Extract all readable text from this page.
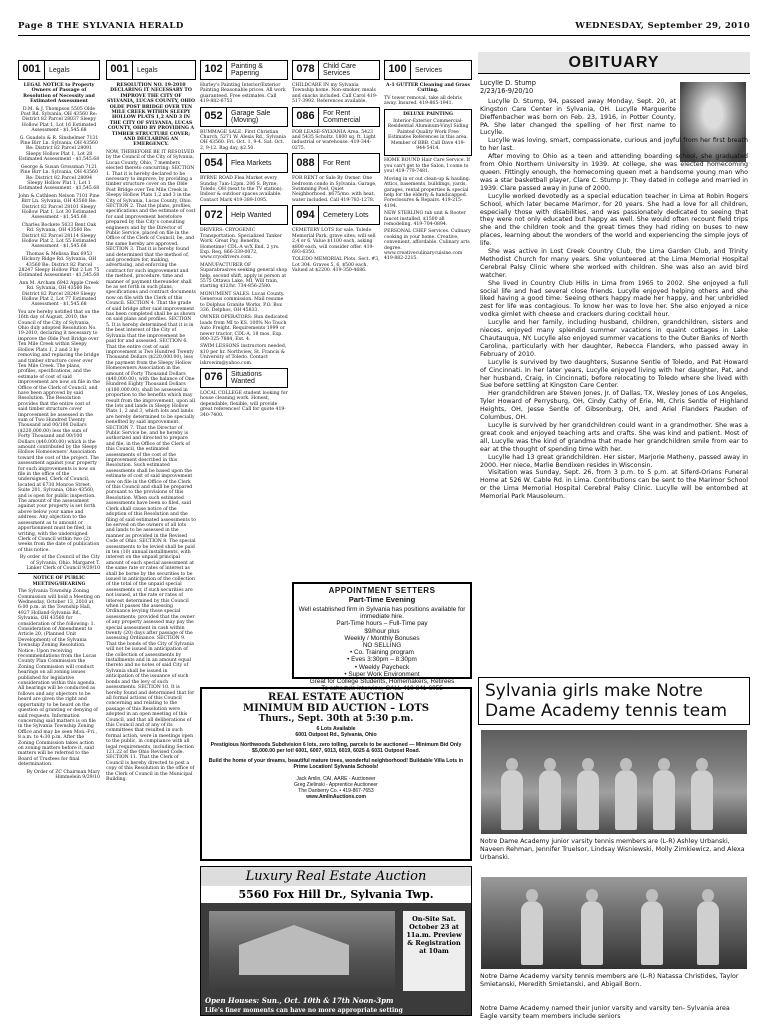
Page 8 THE SYLVANIA HERALD	WEDNESDAY, September 29, 2010
001	Legals

LEGAL NOTICE to Property Owners of Passage of Resolution of Necessity and Estimated Assessment

D.M. & J. Thompson 5505 Olde Post Rd. Sylvania, OH 43560 Re: District 82 Parcel 28037 Sleepy Hollow Plat 1, Lot 16 Estimated Assessment - $1,545.68

G. Guadelo & R. Sinshelmer 7131 Pine Birr Ln. Sylvania, OH 43560 Re: District 82 Parcel 28091 Sleepy Hollow Plat 1, Lot 28 Estimated Assessment - $1,545.68

George & Susan Grossman 7121 Pine Birr Ln. Sylvania, OH 43560 Re: District 82 Parcel 28094 Sleepy Hollow Plat 1, Lot 1 Estimated Assessment - $1,545.68

John & Cathleen Nelson 7101 Pine Birr Ln. Sylvania, OH 43560 Re: District 82 Parcel 28101 Sleepy Hollow Plat 1, Lot 30 Estimated Assessment - $1,545.68

Charles Bockete 5633 Bent Oak Rd. Sylvania, OH 43560 Re: District 82 Parcel 28114 Sleepy Hollow Plat 2, Lot 55 Estimated Assessment - $1,545.68

Thomas & Melissa Bax 6953 Hickory Ridge Rd. Sylvania, OH 43560 Re: District 82 Parcel 28247 Sleepy Hollow Plat 2 Lot 75 Estimated Assessment - $1,545.68

Ann M. Archam 6942 Apple Creek Rd. Sylvania, OH 43560 Re: District 82 Parcel 28249 Sleepy Hollow Plat 2, Lot 77 Estimated Assessment - $1,545.68

You are hereby notified that on the 16th day of August, 2010, the Council of the City of Sylvania, Ohio duly adopted Resolution No. 19-2010, declaring it necessary to improve the Olde Post Bridge over Ten Mile Creek within Sleepy Hollow Plats 1, 2 and 3 by removing and replacing the bridge and timber structure cover over Ten Mile Creek. The plans, profiles, specifications, and the estimate of cost of said improvement are now on file in the Office of the Clerk of Council, and have been approved by said Resolution. The Resolution provides that the entire cost of said timber structure cover improvement be assessed in the sum of Two Hundred Twenty Thousand and 00/100 Dollars ($220,000.00) less the sum of Forty Thousand and 00/100 Dollars ($40,000.00) which is the amount contributed by the Sleepy Hollow Homeowners' Association toward the cost of the project. The assessment against your property for such improvements is now on file in the office of the undersigned, Clerk of Council, located at 6730 Monroe Street, Suite 201, Sylvania, Ohio 43560, and is open for public inspection. The amount of the assessment against your property is set forth above below your name and address. Any objection to the assessment as to amount or apportionment must be filed, in writing, with the undersigned Clerk of Council within two (2) weeks from the date of publication of this notice.

By order of the Council of the City of Sylvania, Ohio. Margaret T. Linker Clerk of Council 9/29/10

NOTICE OF PUBLIC MEETING/HEARING

The Sylvania Township Zoning Commission will hold a Meeting on Wednesday, October 13, 2010 at 6:00 p.m. at the Township Hall, 4927 Holland-Sylvania Rd., Sylvania, OH 43560 for consideration of the following: 1. Consideration of Amendment to Article 20, (Planned Unit Development) of the Sylvania Township Zoning Resolution. Notice: Upon receiving recommendations from the Lucas County Plan Commission the Zoning Commission will conduct hearings on all zoning issues published for legislative consideration within this agenda. All hearings will be conducted as follows and any objectors to be heard are given the right and opportunity to be heard on the question of granting or denying of said requests. Information concerning said matters is on file in the Sylvania Township Zoning Office and may be seen Mon.-Fri., 8 a.m. to 4:30 p.m. After the Zoning Commission takes action on zoning matters before it, said matters will be referred to the Board of Trustees for final determination.

By Order of ZC Chairman Mary Himmelein 9/29/10

001	Legals

RESOLUTION NO. 19-2010 DECLARING IT NECESSARY TO IMPROVE THE CITY OF SYLVANIA, LUCAS COUNTY, OHIO OLDE POST BRIDGE OVER TEN MILE CREEK WITHIN SLEEPY HOLLOW PLATS 1,2 AND 3 IN THE CITY OF SYLVANIA, LUCAS COUNTY, OHIO BY PROVIDING A TIMBER STRUCTURE COVER; AND DECLARING AN EMERGENCY.

NOW, THEREFORE BE IT RESOLVED by the Council of the City of Sylvania, Lucas County, Ohio, 7 members elected thereto concurring: SECTION 1. That it is hereby declared to be necessary to improve, by providing a timber structure cover on the Olde Post Bridge over Ten Mile Creek in Sleepy Hollow Plats 1,2 and 3 in the City of Sylvania, Lucas County, Ohio. SECTION 2. That the plans, profiles, specifications and the estimate of cost for said improvement heretofore prepared by this City's consulting engineers and by the Director of Public Service, placed on file in the Office of the Clerk of Council, be, and the same hereby are approved. SECTION 3. That it is hereby found and determined that the method of, and procedure for, making, advertising, and enforcing the contract for such improvement and the method, procedure, time and manner of payment thereunder shall be as set forth in such plans, specifications and contract documents now on file with the Clerk of this Council. SECTION 4. That the grade of said bridge after said improvement has been completed shall be as shown on said plans and profiles. SECTION 5. It is hereby determined that it is in the best interest of the City of Sylvania that the improvement be paid for and assessed. SECTION 6. That the entire cost of said improvement is Two Hundred Twenty Thousand Dollars ($220,000.00), less the payment from the Sleepy Hollow Homeowners Association in the amount of Forty Thousand Dollars ($40,000.00), with the balance of One Hundred Eighty Thousand Dollars ($180,000.00), shall be assessed in proportion to the benefits which may result from the improvement, upon all the lots and lands in Sleepy Hollow Plats 1, 2 and 3, which lots and lands are hereby determined to be specially benefited by said improvement. SECTION 7. That the Director of Public Service be, and he hereby is authorized and directed to prepare and file, in the Office of the Clerk of this Council, the estimated assessments of the cost of the improvement described in this Resolution. Such estimated assessments shall be based upon the estimate of cost of said improvement now on file in the Office of the Clerk of this Council and shall be prepared pursuant to the provisions of this Resolution. When such estimated assessments have been so filed, said Clerk shall cause notice of the adoption of this Resolution and the filing of said estimated assessments to be served on the owners of all lots and lands to be assessed in the manner as provided in the Revised Code of Ohio. SECTION 8. The special assessments to be levied shall be paid in ten (10) annual installments, with interest on the unpaid principal amount of each special assessment at the same rate or rates of interest as shall be borne by the securities to be issued in anticipation of the collection of the total of the unpaid special assessments or, if such securities are not issued, at the rate or rates of interest determined by this Council when it passes the assessing Ordinance levying those special assessments; provided that the owner of any property assessed may pay the special assessment in cash within twenty (20) days after passage of the assessing Ordinance. SECTION 9. That the bonds of the City of Sylvania will not be issued in anticipation of the collection of assessments by installments and in an amount equal thereto and no notes of said City of Sylvania shall be issued in anticipation of the issuance of such bonds and the levy of such assessments. SECTION 10. It is hereby found and determined that for all formal actions of this Council concerning and relating to the passage of this Resolution were adopted in an open meeting of this Council, and that all deliberations of this Council and of any of its committees that resulted in such formal action, were in meetings open to the public, in compliance with all legal requirements, including Section 121.22 of the Ohio Revised Code. SECTION 11. That the Clerk of Council is hereby directed to post a copy of this Resolution in the office of the Clerk of Council in the Municipal Building.

102	Painting & Papering

Hurley's Painting Interior/Exterior Painting Reasonable prices. All work guaranteed. Free estimates. Call 419-882-6753

052	Garage Sale (Moving)

RUMMAGE SALE. First Christian Church, 5271 W. Alexis Rd., Sylvania OH 43560. Fri. Oct. 1, 9-4. Sat. Oct. 2, 9-12. Bag day, $2.50.

054	Flea Markets

BYRNE ROAD Flea Market every Sunday 7am-12pm. 206 S. Byrne, Toledo, OH (next to the TV station). Indoor & outdoor spaces available. Contact Mark 419-389-1095.

072	Help Wanted

DRIVERS: CRYOGENIC Transportation. Specialized Tanker Work. Great Pay, Benefits, Hometime! CDL-A w/X End. 2 yrs. Exp. Req. 866-339-0072, www.cryodrivers.com.

MANUFACTURER OF Suparabrasives seeking general shop help, second shift, apply in person at 5575 Ottawa Lake, MI. Will train, starting $12/hr. 734-856-2580.

MONUMENT SALES. Lucas County. Generous commission. Mail resume to Dolphus Granite Works, P.O. Box 336, Delphos, OH 45833.

OWNER OPERATORS: Run dedicated loads from MI to KS. 100% No Touch Auto Freight. Requirements 1999 or newer tractor, CDL-A, 18 mos. Exp. 800-325-7884, Ext. 4.

SWIM LESSONS instructors needed, $10 per hr. Northview, St. Francis & University of Toledo. Contact lskrowim@yahoo.com.

076	Situations Wanted

LOCAL COLLEGE student looking for house cleaning work. Honest, dependable, flexible, will provide great references! Call for quote 419-340-7400.

078	Child Care Services

CHILDCARE IN my Sylvania Township home. Non-smoker, meals and snacks included. Call Carol 419-517-3992. References available.

086	For Rent Commercial

FOR LEASE-SYLVANIA Area. 5423 and 5435 Schultz. 1800 sq. ft. Light industrial or warehouse. 419-344-0275.

088	For Rent

FOR RENT or Sale By Owner. One bedroom condo in Sylvania. Garage, Swimming Pool, Quiet Neighborhood. $675/mo. with heat, water included. Call 419-783-1278.

094	Cemetery Lots

CEMETERY LOTS for sale. Toledo Memorial Park, grave sites, will sell 2,4 or 6. Value $1100 each, asking $800 each, will consider offer. 419-693-6350.

TOLEDO MEMORIAL Plots. Sect. #3, Lot 304. Graves 5, 6, $500 each. Valued at $2200. 419-350-4686.

100	Services

A-1 GUTTER Cleaning and Grass Cutting.

TV tower removal, take all debris away. Insured. 419-865-1941.

DELUXE PAINTING

Interior-Exterior Commercial-Residential Aluminum-Vinyl Siding Painted Quality Work Free Estimates References in this area. Member of BBB. Call Dave 419-944-5414.

HOME BOUND Hair Care Service. If you can't get to the Salon, I come to you! 419-779-7481.

Moving in or out clean-up & hauling. Attics, basements, buildings, yards, garages, rental properties & special help for the elderly & handicapped. Foreclosures & Repairs. 419-215-4194.

NEW STERLING tub unit & Rooter faucet installed, $1500 all remodeling. 419-704-0894.

PERSONAL CHEF Services. Culinary cooking in your home. Creative, convenient, affordable. Culinary arts degree. www.creativeculinarycuisine.com 419-882-2215.

APPOINTMENT SETTERS
Part-Time Evening
Well established firm in Sylvania has positions available for immediate hire.
Part-Time hours – Full-Time pay
$9/hour plus
Weekly / Monthly Bonuses
NO SELLING
• Co. Training program
• Eves 3:30pm – 8:30pm
• Weekly Paycheck
• Super Work Environment
Great for College Students, Homemakers, Retirees
To schedule interview, CALL 419-841-6055
REAL ESTATE AUCTION
MINIMUM BID AUCTION – LOTS
Thurs., Sept. 30th at 5:30 p.m.
6 Lots Available
6001 Outpost Rd., Sylvania, Ohio
Prestigious Northwoods Subdivision 6 lots, zero tolling, parcels to be auctioned — Minimum Bid Only $5,000.00 per lot! 6001, 6007, 6013, 6019, 6025 & 6031 Outpost Road.
Build the home of your dreams, beautiful mature trees, wonderful neighborhood! Buildable Villa Lots in Prime Location! Sylvania Schools!
Jack Amlin, CAI, AARE - Auctioneer
Greg Zielinski - Apprentice Auctioneer
The Danberry Co. • 419-867-7653
www.AmlinAuctions.com
Luxury Real Estate Auction
5560 Fox Hill Dr., Sylvania Twp.
On-Site Sat. October 23 at 11a.m. Preview & Registration at 10am
Open Houses: Sun., Oct. 10th & 17th Noon-3pm
Life's finer moments can have no more appropriate setting
OBITUARY
Lucylle D. Stump
2/23/16-9/20/10

Lucylle D. Stump, 94, passed away Monday, Sept. 20, at Kingston Care Center in Sylvania, OH. Lucylle Marguerite Dieffenbacher was born on Feb. 23, 1916, in Potter County, PA. She later changed the spelling of her first name to Lucylle.

Lucylle was loving, smart, compassionate, curious and joyful from her first breath to her last.

After moving to Ohio as a teen and attending boarding school, she graduated from Ohio Northern University in 1939. At college, she was elected homecoming queen. Fittingly enough, the homecoming queen met a handsome young man who was a star basketball player, Clare C. Stump Jr. They dated in college and married in 1939. Clare passed away in June of 2000.

Lucylle worked devotedly as a special education teacher in Lima at Robin Rogers School, which later became Marimor, for 20 years. She had a love for all children, especially those with disabilities, and was passionately dedicated to seeing that they were not only educated but happy as well. She would often recount field trips she and the children took and the great times they had riding on buses to new places, learning about the wonders of the world and experiencing the simple joys of life.

She was active in Lost Creek Country Club, the Lima Garden Club, and Trinity Methodist Church for many years. She volunteered at the Lima Memorial Hospital Cerebral Palsy Clinic where she worked with children. She was also an avid bird watcher.

She lived in Country Club Hills in Lima from 1965 to 2002. She enjoyed a full social life and had several close friends. Lucylle enjoyed helping others and she liked having a good time. Seeing others happy made her happy, and her unbridled zest for life was contagious. To know her was to love her. She also enjoyed a nice vodka gimlet with cheese and crackers during cocktail hour.

Lucylle and her family, including husband, children, grandchildren, sisters and nieces, enjoyed many splendid summer vacations in quaint cottages in Lake Chautauqua, NY. Lucylle also enjoyed summer vacations to the Outer Banks of North Carolina, particularly with her daughter, Rebecca Flanders, who passed away in February of 2010.

Lucylle is survived by two daughters, Susanne Sentle of Toledo, and Pat Howard of Cincinnati. In her later years, Lucylle enjoyed living with her daughter, Pat, and her husband, Craig, in Cincinnati, before relocating to Toledo where she lived with Sue before settling at Kingston Care Center.

Her grandchildren are Steven Jones, Jr. of Dallas, TX, Wesley Jones of Los Angeles, Tyler Howard of Perrysburg, OH, Cindy Cathy of Erie, MI, Chris Sentle of Highland Heights, OH, Jesse Sentle of Gibsonburg, OH, and Ariel Flanders Pauden of Columbus, OH.

Lucylle is survived by her grandchildren could want in a grandmother. She was a great cook and enjoyed teaching arts and crafts. She was kind and patient. Most of all, Lucylle was the kind of grandma that made her grandchildren smile from ear to ear at the thought of spending time with her.

Lucylle had 13 great grandchildren. Her sister, Marjorie Matheny, passed away in 2000. Her niece, Marlie Bendixen resides in Wisconsin.

Visitation was Sunday, Sept. 26, from 3 p.m. to 5 p.m. at Siferd-Orians Funeral Home at 526 W. Cable Rd. in Lima. Contributions can be sent to the Marimor School or the Lima Memorial Hospital Cerebral Palsy Clinic. Lucylle will be entombed at Memorial Park Mausoleum.

Sylvania girls make Notre Dame Academy tennis team
Notre Dame Academy junior varsity tennis members are (L-R) Ashley Urbanski, Naveen Rehman, Jennifer Truelsor, Lindsay Wisniewski, Molly Zimkiewicz, and Alexa Urbanski.
Notre Dame Academy varsity tennis members are (L-R) Natassa Christides, Taylor Smietanski, Meredith Smietanski, and Abigail Born.
Notre Dame Academy named their junior varsity and varsity ten- Sylvania area Eagle varsity team members include seniors
